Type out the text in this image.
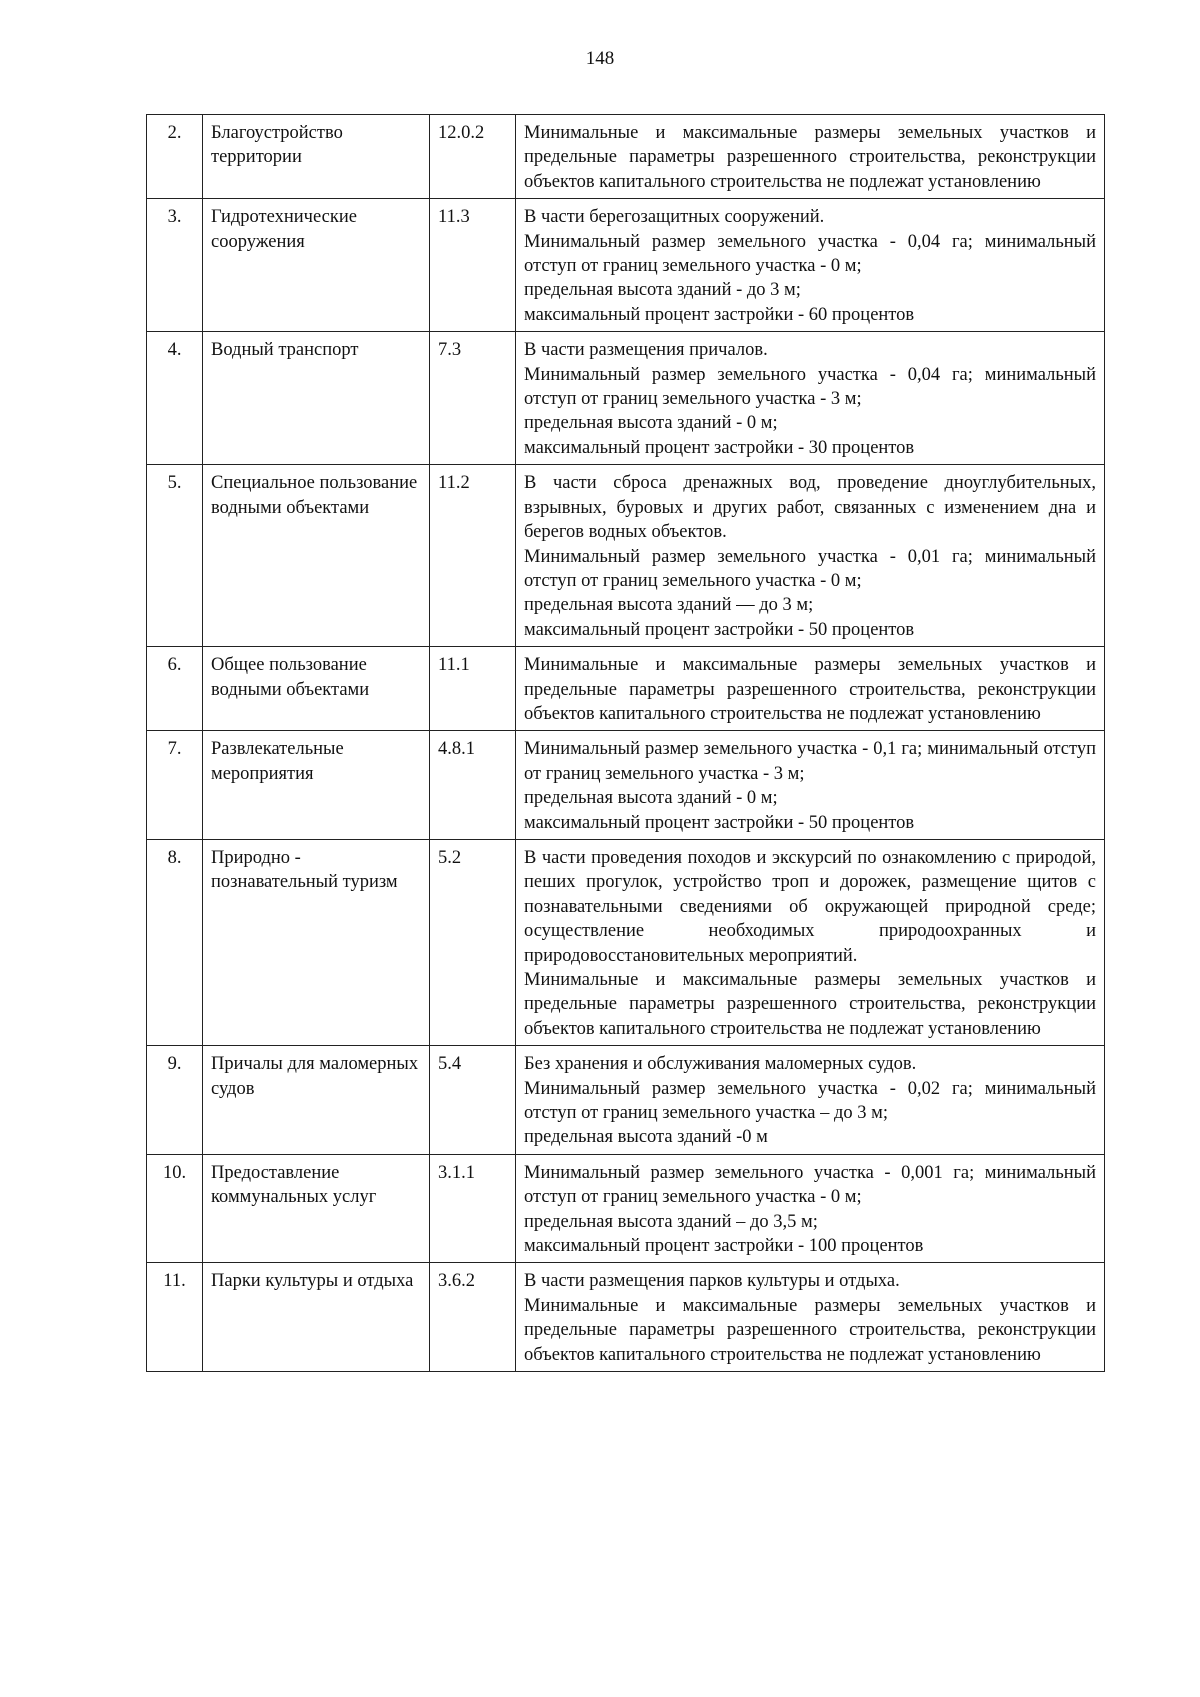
148
2.	Благоустройство территории	12.0.2	Минимальные и максимальные размеры земельных участков и предельные параметры разрешенного строительства, реконструкции объектов капитального строительства не подлежат установлению

3.	Гидротехнические сооружения	11.3	В части берегозащитных сооружений.
Минимальный размер земельного участка - 0,04 га; минимальный отступ от границ земельного участка - 0 м;
предельная высота зданий - до 3 м;
максимальный процент застройки - 60 процентов

4.	Водный транспорт	7.3	В части размещения причалов.
Минимальный размер земельного участка - 0,04 га; минимальный отступ от границ земельного участка - 3 м;
предельная высота зданий - 0 м;
максимальный процент застройки - 30 процентов

5.	Специальное пользование водными объектами	11.2	В части сброса дренажных вод, проведение дноуглубительных, взрывных, буровых и других работ, связанных с изменением дна и берегов водных объектов.
Минимальный размер земельного участка - 0,01 га; минимальный отступ от границ земельного участка - 0 м;
предельная высота зданий — до 3 м;
максимальный процент застройки - 50 процентов

6.	Общее пользование водными объектами	11.1	Минимальные и максимальные размеры земельных участков и предельные параметры разрешенного строительства, реконструкции объектов капитального строительства не подлежат установлению

7.	Развлекательные мероприятия	4.8.1	Минимальный размер земельного участка - 0,1 га; минимальный отступ от границ земельного участка - 3 м;
предельная высота зданий - 0 м;
максимальный процент застройки - 50 процентов

8.	Природно - познавательный туризм	5.2	В части проведения походов и экскурсий по ознакомлению с природой, пеших прогулок, устройство троп и дорожек, размещение щитов с познавательными сведениями об окружающей природной среде; осуществление необходимых природоохранных и природовосстановительных мероприятий.
Минимальные и максимальные размеры земельных участков и предельные параметры разрешенного строительства, реконструкции объектов капитального строительства не подлежат установлению

9.	Причалы для маломерных судов	5.4	Без хранения и обслуживания маломерных судов.
Минимальный размер земельного участка - 0,02 га; минимальный отступ от границ земельного участка – до 3 м;
предельная высота зданий -0 м

10.	Предоставление коммунальных услуг	3.1.1	Минимальный размер земельного участка - 0,001 га; минимальный отступ от границ земельного участка - 0 м;
предельная высота зданий – до 3,5 м;
максимальный процент застройки - 100 процентов

11.	Парки культуры и отдыха	3.6.2	В части размещения парков культуры и отдыха.
Минимальные и максимальные размеры земельных участков и предельные параметры разрешенного строительства, реконструкции объектов капитального строительства не подлежат установлению
